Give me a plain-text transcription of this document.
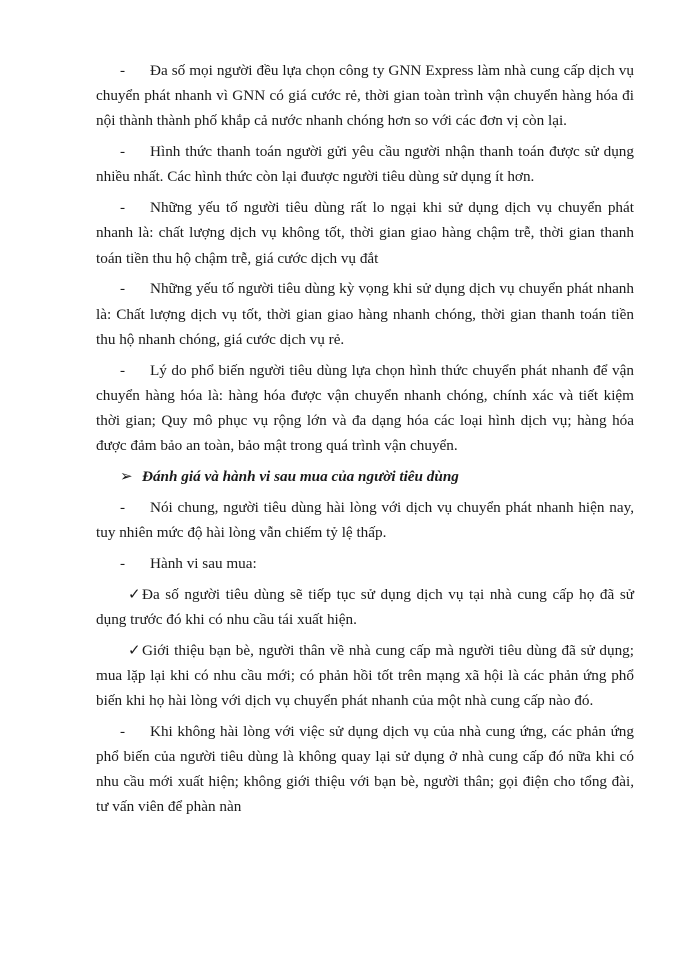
- Đa số mọi người đều lựa chọn công ty GNN Express làm nhà cung cấp dịch vụ chuyển phát nhanh vì GNN có giá cước rẻ, thời gian toàn trình vận chuyển hàng hóa đi nội thành thành phố khắp cả nước nhanh chóng hơn so với các đơn vị còn lại.

- Hình thức thanh toán người gửi yêu cầu người nhận thanh toán được sử dụng nhiều nhất. Các hình thức còn lại đuược người tiêu dùng sử dụng ít hơn.

- Những yếu tố người tiêu dùng rất lo ngại khi sử dụng dịch vụ chuyển phát nhanh là: chất lượng dịch vụ không tốt, thời gian giao hàng chậm trễ, thời gian thanh toán tiền thu hộ chậm trễ, giá cước dịch vụ đắt

- Những yếu tố người tiêu dùng kỳ vọng khi sử dụng dịch vụ chuyển phát nhanh là: Chất lượng dịch vụ tốt, thời gian giao hàng nhanh chóng, thời gian thanh toán tiền thu hộ nhanh chóng, giá cước dịch vụ rẻ.

- Lý do phổ biến người tiêu dùng lựa chọn hình thức chuyển phát nhanh để vận chuyển hàng hóa là: hàng hóa được vận chuyển nhanh chóng, chính xác và tiết kiệm thời gian; Quy mô phục vụ rộng lớn và đa dạng hóa các loại hình dịch vụ; hàng hóa được đảm bảo an toàn, bảo mật trong quá trình vận chuyển.

➢ Đánh giá và hành vi sau mua của người tiêu dùng

- Nói chung, người tiêu dùng hài lòng với dịch vụ chuyển phát nhanh hiện nay, tuy nhiên mức độ hài lòng vẫn chiếm tỷ lệ thấp.

- Hành vi sau mua:

✓Đa số người tiêu dùng sẽ tiếp tục sử dụng dịch vụ tại nhà cung cấp họ đã sử dụng trước đó khi có nhu cầu tái xuất hiện.

✓Giới thiệu bạn bè, người thân về nhà cung cấp mà người tiêu dùng đã sử dụng; mua lặp lại khi có nhu cầu mới; có phản hồi tốt trên mạng xã hội là các phản ứng phổ biến khi họ hài lòng với dịch vụ chuyển phát nhanh của một nhà cung cấp nào đó.

- Khi không hài lòng với việc sử dụng dịch vụ của nhà cung ứng, các phản ứng phổ biến của người tiêu dùng là không quay lại sử dụng ở nhà cung cấp đó nữa khi có nhu cầu mới xuất hiện; không giới thiệu với bạn bè, người thân; gọi điện cho tổng đài, tư vấn viên để phàn nàn
